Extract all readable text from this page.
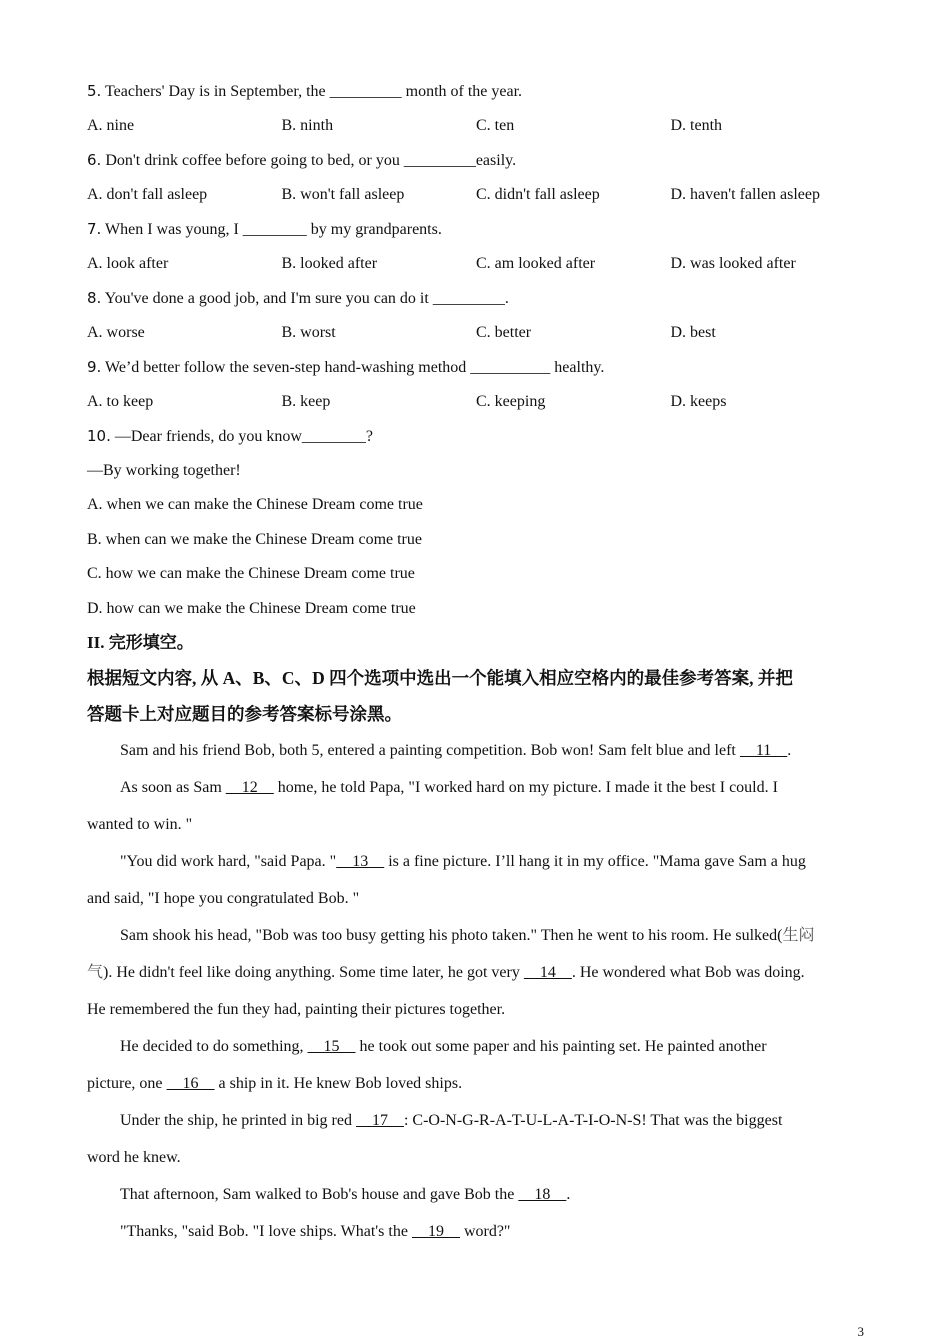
5. Teachers' Day is in September, the _________ month of the year.
A. nine	B. ninth	C. ten	D. tenth
6. Don't drink coffee before going to bed, or you _________easily.
A. don't fall asleep	B. won't fall asleep	C. didn't fall asleep	D. haven't fallen asleep
7. When I was young, I ________ by my grandparents.
A. look after	B. looked after	C. am looked after	D. was looked after
8. You've done a good job, and I'm sure you can do it _________.
A. worse	B. worst	C. better	D. best
9. We’d better follow the seven-step hand-washing method __________ healthy.
A. to keep	B. keep	C. keeping	D. keeps
10. —Dear friends, do you know________?
—By working together!
A. when we can make the Chinese Dream come true
B. when can we make the Chinese Dream come true
C. how we can make the Chinese Dream come true
D. how can we make the Chinese Dream come true
II. 完形填空。
根据短文内容, 从 A、B、C、D 四个选项中选出一个能填入相应空格内的最佳参考答案, 并把
答题卡上对应题目的参考答案标号涂黑。

Sam and his friend Bob, both 5, entered a painting competition. Bob won! Sam felt blue and left     11    .

As soon as Sam     12     home, he told Papa, "I worked hard on my picture. I made it the best I could. I

wanted to win. "

"You did work hard, "said Papa. "    13     is a fine picture. I’ll hang it in my office. "Mama gave Sam a hug

and said, "I hope you congratulated Bob. "

Sam shook his head, "Bob was too busy getting his photo taken." Then he went to his room. He sulked(生闷

气). He didn't feel like doing anything. Some time later, he got very     14    . He wondered what Bob was doing.

He remembered the fun they had, painting their pictures together.

He decided to do something,     15     he took out some paper and his painting set. He painted another

picture, one     16     a ship in it. He knew Bob loved ships.

Under the ship, he printed in big red     17    : C-O-N-G-R-A-T-U-L-A-T-I-O-N-S! That was the biggest

word he knew.

That afternoon, Sam walked to Bob's house and gave Bob the     18    .

"Thanks, "said Bob. "I love ships. What's the     19     word?"

3
